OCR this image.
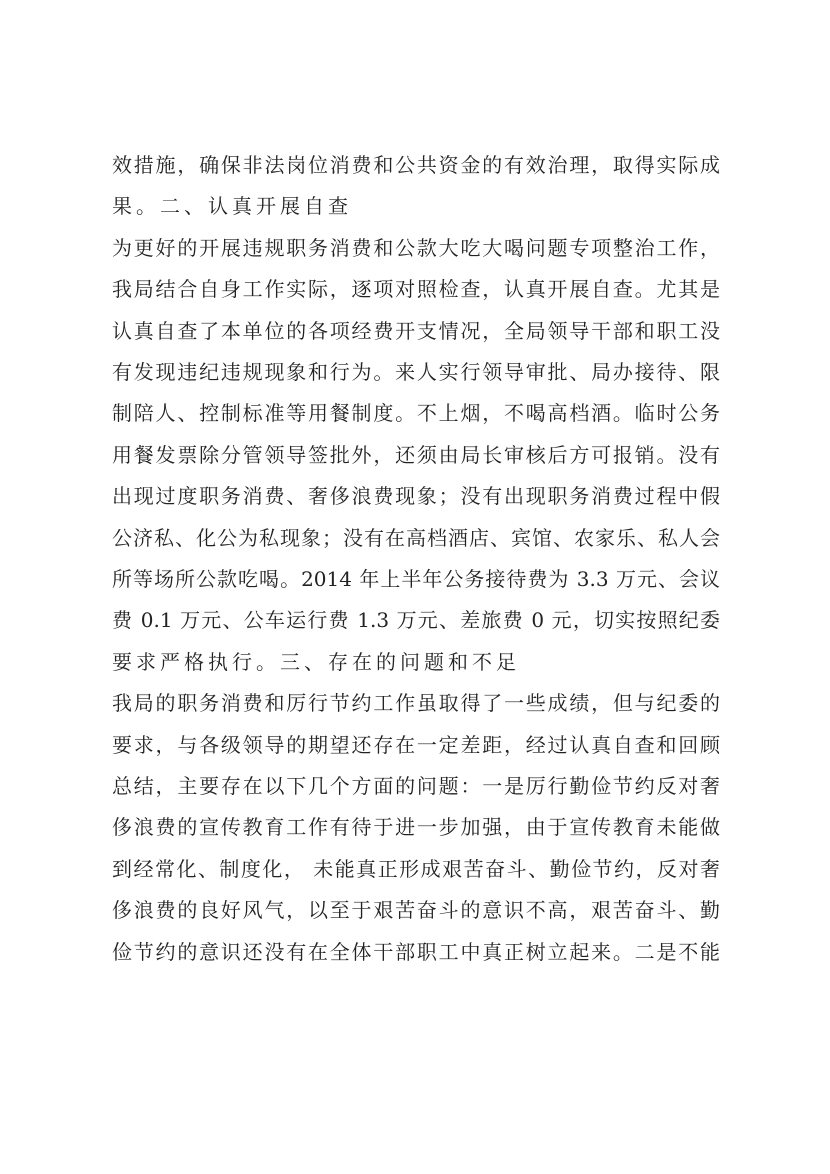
效措施，确保非法岗位消费和公共资金的有效治理，取得实际成
果。二、认真开展自查
为更好的开展违规职务消费和公款大吃大喝问题专项整治工作，
我局结合自身工作实际，逐项对照检查，认真开展自查。尤其是
认真自查了本单位的各项经费开支情况，全局领导干部和职工没
有发现违纪违规现象和行为。来人实行领导审批、局办接待、限
制陪人、控制标准等用餐制度。不上烟，不喝高档酒。临时公务
用餐发票除分管领导签批外，还须由局长审核后方可报销。没有
出现过度职务消费、奢侈浪费现象；没有出现职务消费过程中假
公济私、化公为私现象；没有在高档酒店、宾馆、农家乐、私人会
所等场所公款吃喝。2014 年上半年公务接待费为 3.3 万元、会议
费 0.1 万元、公车运行费 1.3 万元、差旅费 0 元，切实按照纪委
要求严格执行。三、存在的问题和不足
我局的职务消费和厉行节约工作虽取得了一些成绩，但与纪委的
要求，与各级领导的期望还存在一定差距，经过认真自查和回顾
总结，主要存在以下几个方面的问题：一是厉行勤俭节约反对奢
侈浪费的宣传教育工作有待于进一步加强，由于宣传教育未能做
到经常化、制度化， 未能真正形成艰苦奋斗、勤俭节约，反对奢
侈浪费的良好风气，以至于艰苦奋斗的意识不高，艰苦奋斗、勤
俭节约的意识还没有在全体干部职工中真正树立起来。二是不能
